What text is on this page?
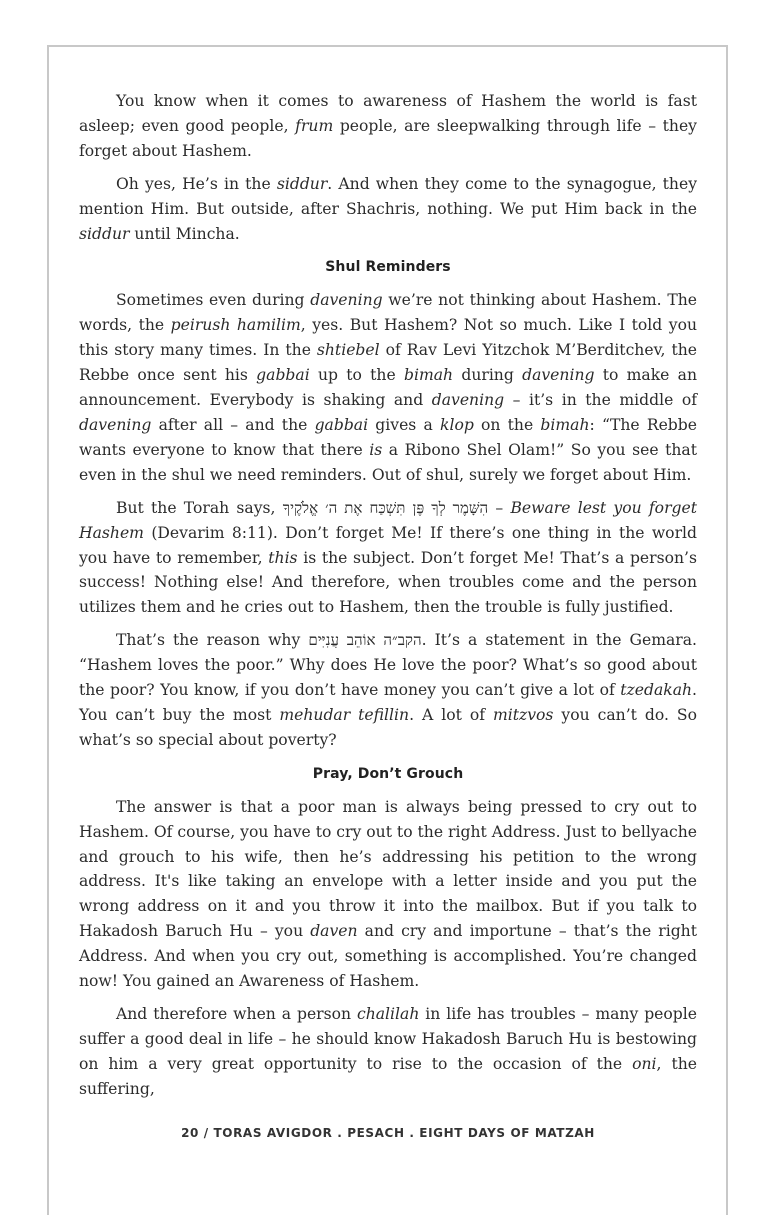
You know when it comes to awareness of Hashem the world is fast asleep; even good people, frum people, are sleepwalking through life – they forget about Hashem.

Oh yes, He’s in the siddur. And when they come to the synagogue, they mention Him. But outside, after Shachris, nothing. We put Him back in the siddur until Mincha.

Shul Reminders

Sometimes even during davening we’re not thinking about Hashem. The words, the peirush hamilim, yes. But Hashem? Not so much. Like I told you this story many times. In the shtiebel of Rav Levi Yitzchok M’Berditchev, the Rebbe once sent his gabbai up to the bimah during davening to make an announcement. Everybody is shaking and davening – it’s in the middle of davening after all – and the gabbai gives a klop on the bimah: “The Rebbe wants everyone to know that there is a Ribono Shel Olam!” So you see that even in the shul we need reminders. Out of shul, surely we forget about Him.

But the Torah says, הִשָּׁמֶר לְךָ פֶּן תִּשְׁכַּח אֶת ה׳ אֱלֹקֶיךָ – Beware lest you forget Hashem (Devarim 8:11). Don’t forget Me! If there’s one thing in the world you have to remember, this is the subject. Don’t forget Me! That’s a person’s success! Nothing else! And therefore, when troubles come and the person utilizes them and he cries out to Hashem, then the trouble is fully justified.

That’s the reason why הקב״ה אוֹהֵב עֲנִיִּים. It’s a statement in the Gemara. “Hashem loves the poor.” Why does He love the poor? What’s so good about the poor? You know, if you don’t have money you can’t give a lot of tzedakah. You can’t buy the most mehudar tefillin. A lot of mitzvos you can’t do. So what’s so special about poverty?

Pray, Don’t Grouch

The answer is that a poor man is always being pressed to cry out to Hashem. Of course, you have to cry out to the right Address. Just to bellyache and grouch to his wife, then he’s addressing his petition to the wrong address. It's like taking an envelope with a letter inside and you put the wrong address on it and you throw it into the mailbox. But if you talk to Hakadosh Baruch Hu – you daven and cry and importune – that’s the right Address. And when you cry out, something is accomplished. You’re changed now! You gained an Awareness of Hashem.

And therefore when a person chalilah in life has troubles – many people suffer a good deal in life – he should know Hakadosh Baruch Hu is bestowing on him a very great opportunity to rise to the occasion of the oni, the suffering,

20 / TORAS AVIGDOR . PESACH . EIGHT DAYS OF MATZAH
